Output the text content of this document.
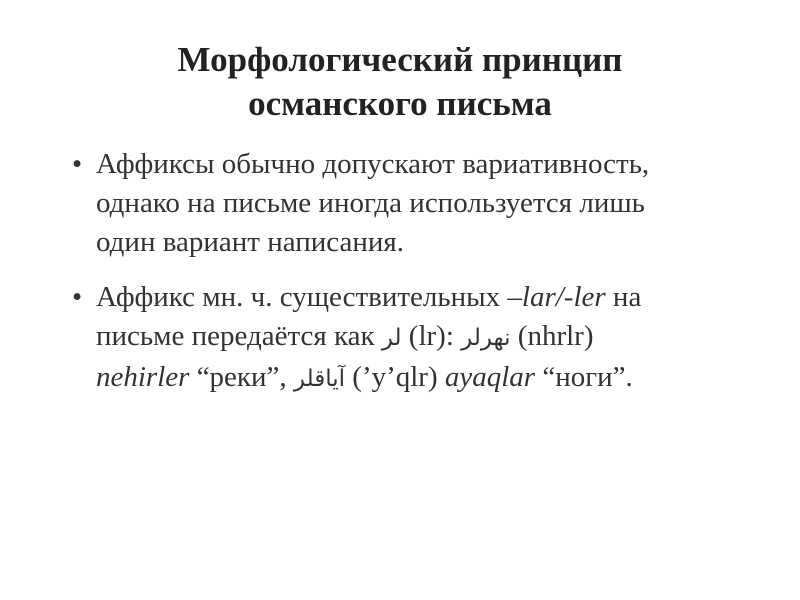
Морфологический принцип
османского письма
• Аффиксы обычно допускают вариативность,
однако на письме иногда используется лишь
один вариант написания.
• Аффикс мн. ч. существительных –lar/-ler на
письме передаётся как لر (lr): نهرلر (nhrlr)
nehirler “реки”, آياقلر (’y’qlr) ayaqlar “ноги”.
